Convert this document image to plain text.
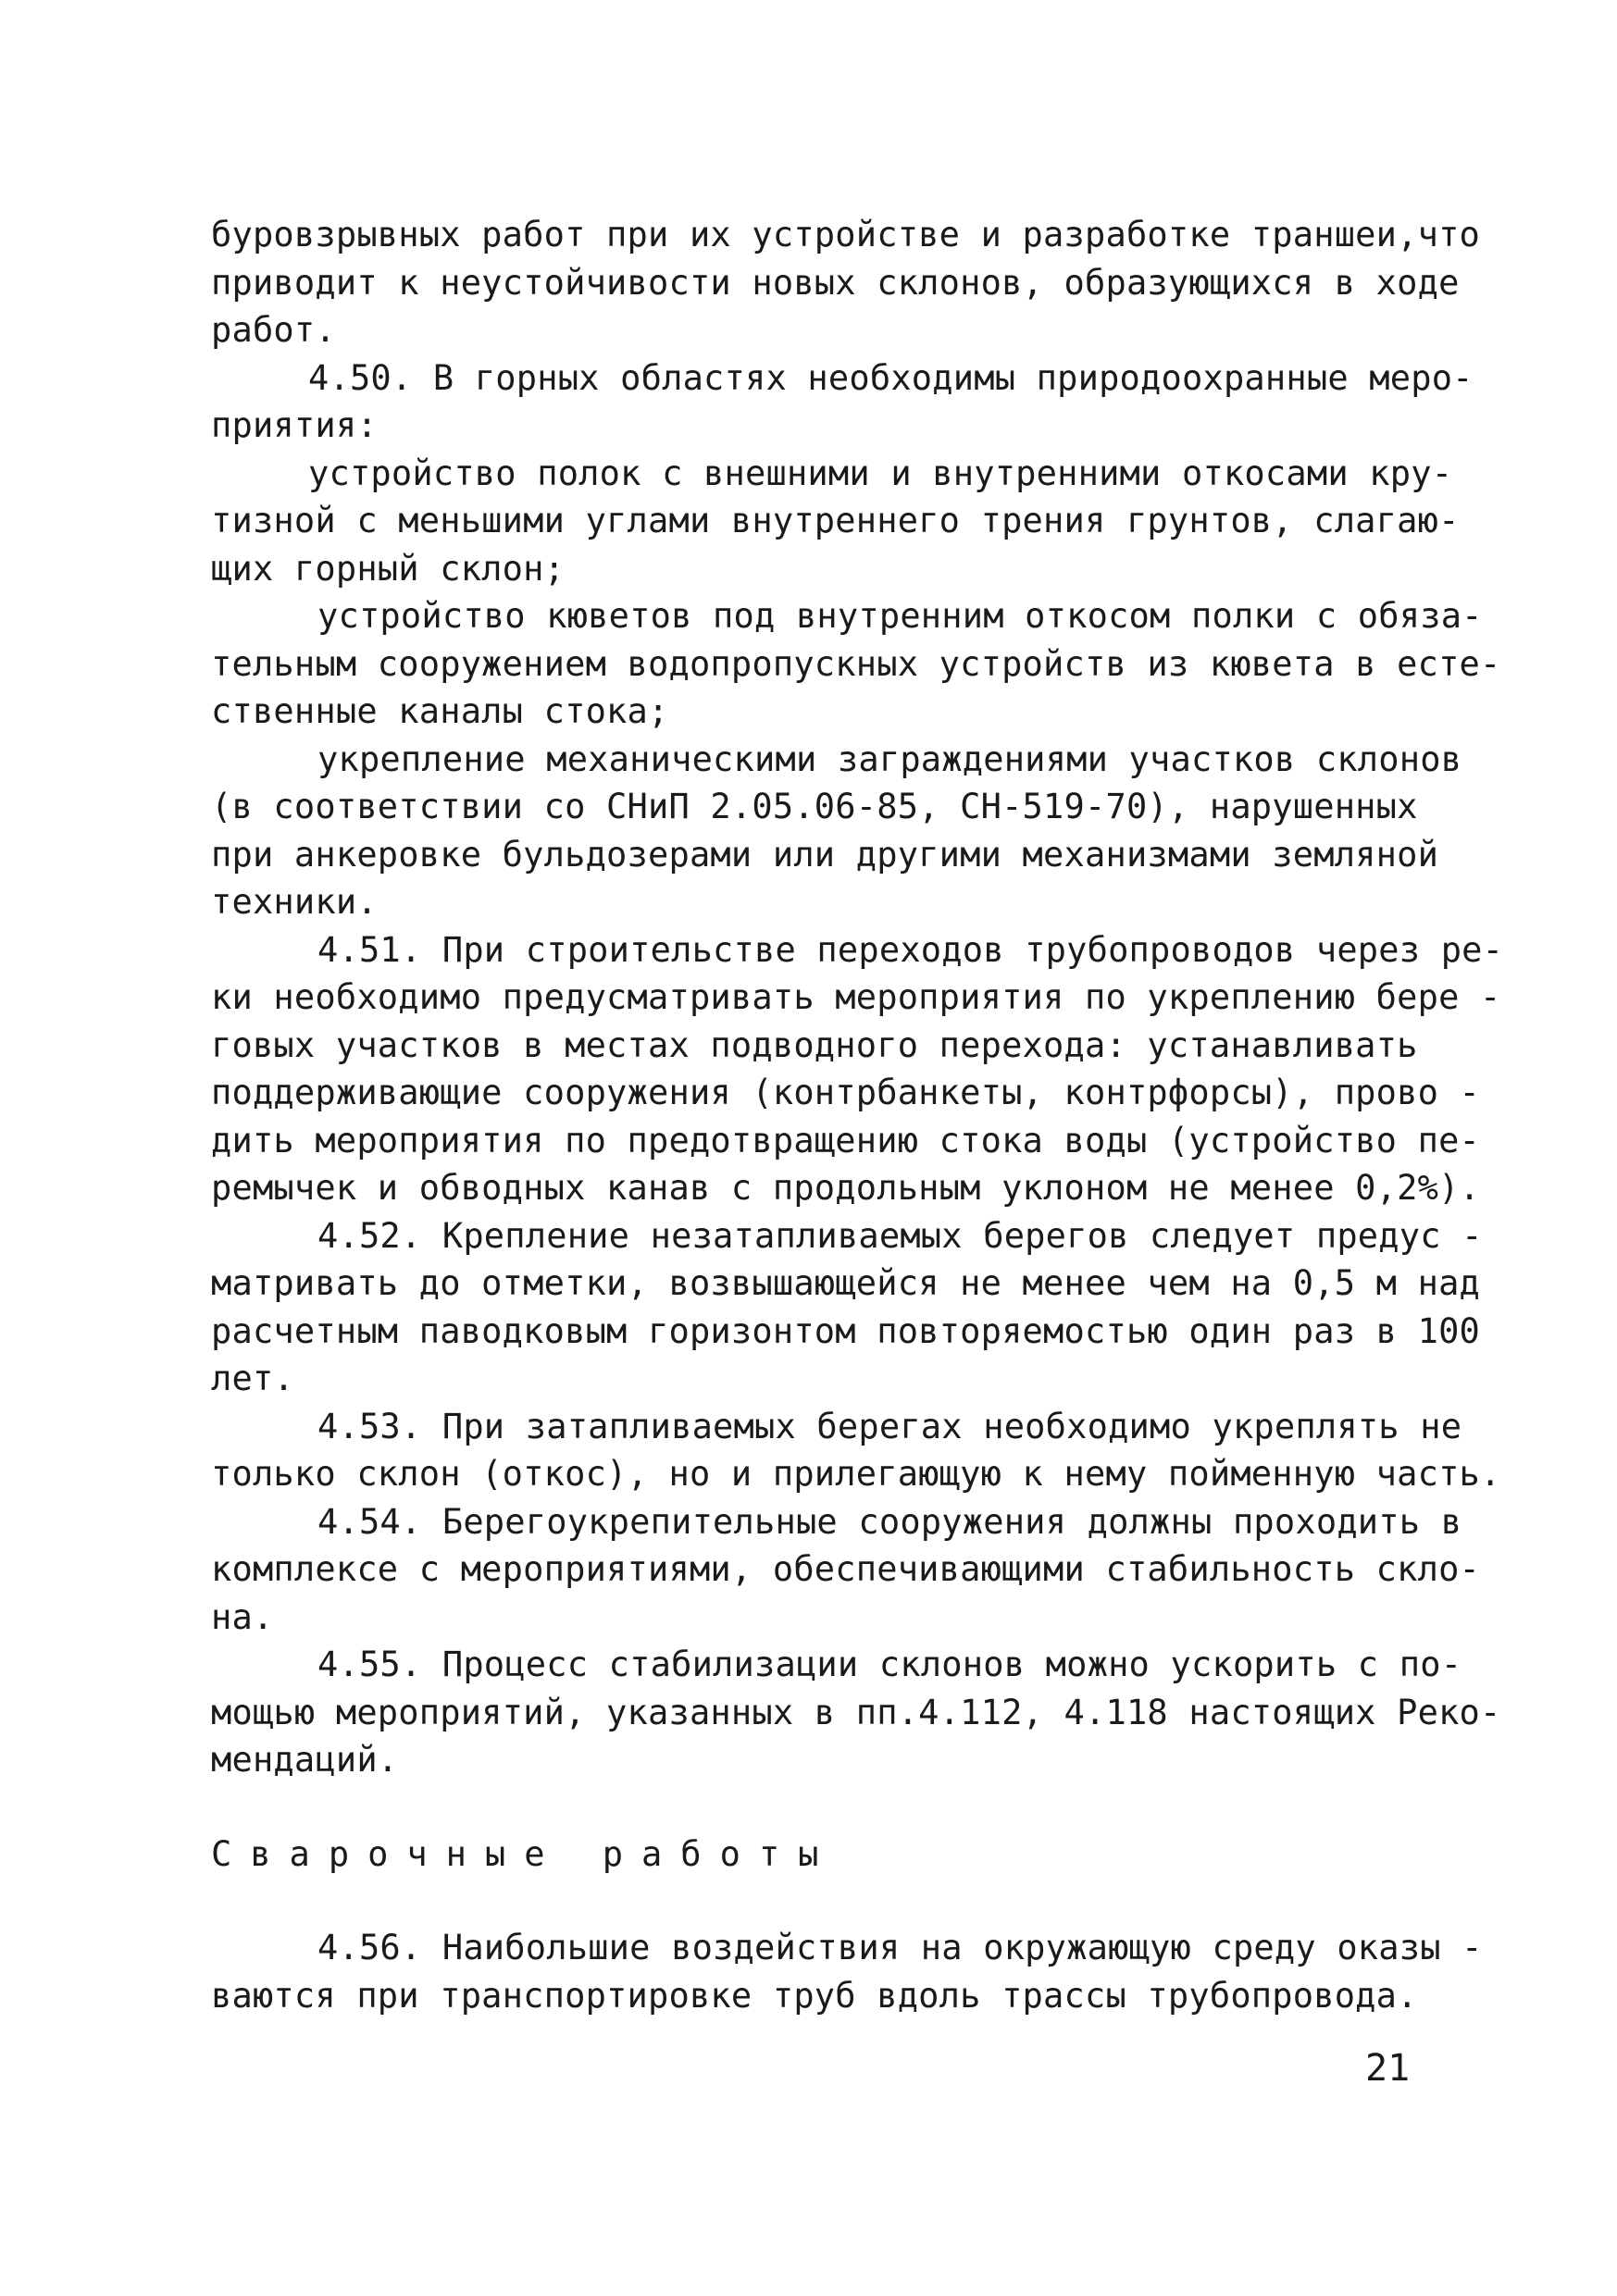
буровзрывных работ при их устройстве и разработке траншеи,что
приводит к неустойчивости новых склонов, образующихся в ходе
работ.
4.50. В горных областях необходимы природоохранные меро-
приятия:
устройство полок с внешними и внутренними откосами кру-
тизной с меньшими углами внутреннего трения грунтов, слагаю-
щих горный склон;
устройство кюветов под внутренним откосом полки с обяза-
тельным сооружением водопропускных устройств из кювета в есте-
ственные каналы стока;
укрепление механическими заграждениями участков склонов
(в соответствии со СНиП 2.05.06-85, СН-519-70), нарушенных
при анкеровке бульдозерами или другими механизмами земляной
техники.
4.51. При строительстве переходов трубопроводов через ре-
ки необходимо предусматривать мероприятия по укреплению бере -
говых участков в местах подводного перехода: устанавливать
поддерживающие сооружения (контрбанкеты, контрфорсы), прово -
дить мероприятия по предотвращению стока воды (устройство пе-
ремычек и обводных канав с продольным уклоном не менее 0,2%).
4.52. Крепление незатапливаемых берегов следует предус -
матривать до отметки, возвышающейся не менее чем на 0,5 м над
расчетным паводковым горизонтом повторяемостью один раз в 100
лет.
4.53. При затапливаемых берегах необходимо укреплять не
только склон (откос), но и прилегающую к нему пойменную часть.
4.54. Берегоукрепительные сооружения должны проходить в
комплексе с мероприятиями, обеспечивающими стабильность скло-
на.
4.55. Процесс стабилизации склонов можно ускорить с по-
мощью мероприятий, указанных в пп.4.112, 4.118 настоящих Реко-
мендаций.
Сварочные работы
4.56. Наибольшие воздействия на окружающую среду оказы -
ваются при транспортировке труб вдоль трассы трубопровода.
21
